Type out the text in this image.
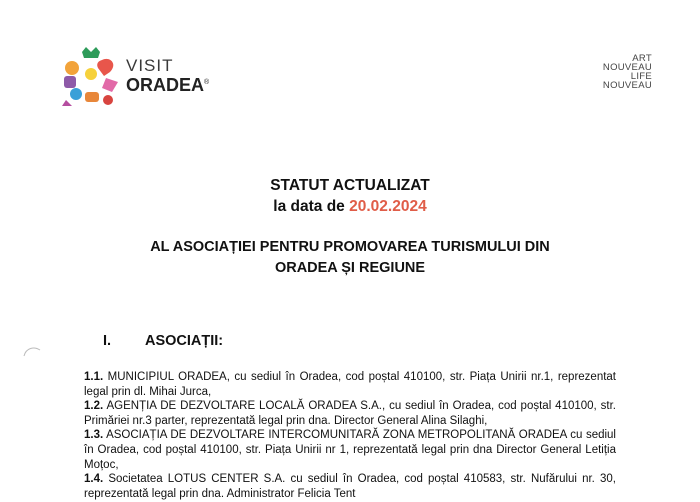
VISIT
ORADEA®
ART
NOUVEAU
LIFE
NOUVEAU
STATUT ACTUALIZAT
la data de 20.02.2024
AL ASOCIAȚIEI PENTRU PROMOVAREA TURISMULUI DIN
ORADEA ȘI REGIUNE
I. ASOCIAȚII:
1.1. MUNICIPIUL ORADEA, cu sediul în Oradea, cod poștal 410100, str. Piața Unirii nr.1, reprezentat legal prin dl. Mihai Jurca,
1.2. AGENȚIA DE DEZVOLTARE LOCALĂ ORADEA S.A., cu sediul în Oradea, cod poștal 410100, str. Primăriei nr.3 parter, reprezentată legal prin dna. Director General Alina Silaghi,
1.3. ASOCIAȚIA DE DEZVOLTARE INTERCOMUNITARĂ ZONA METROPOLITANĂ ORADEA cu sediul în Oradea, cod poștal 410100, str. Piața Unirii nr 1, reprezentată legal prin dna Director General Letiția Moțoc,
1.4. Societatea LOTUS CENTER S.A. cu sediul în Oradea, cod poștal 410583, str. Nufărului nr. 30, reprezentată legal prin dna. Administrator Felicia Tent
